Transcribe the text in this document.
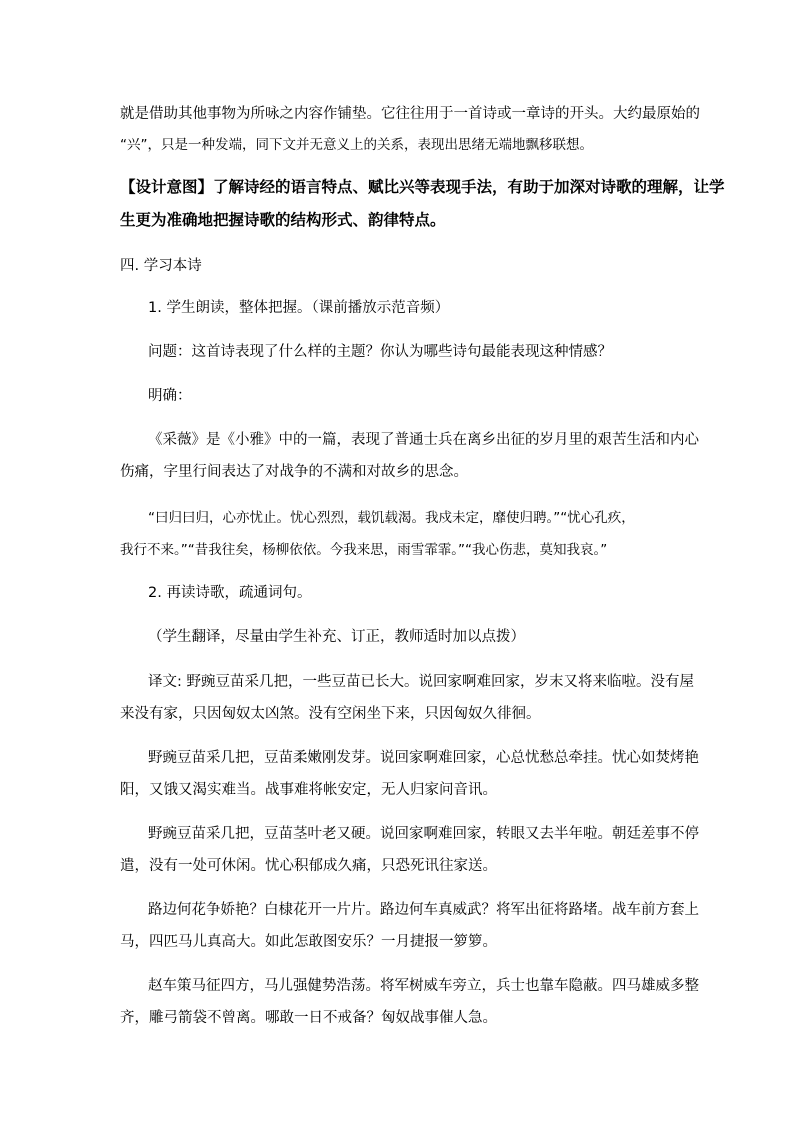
就是借助其他事物为所咏之内容作铺垫。它往往用于一首诗或一章诗的开头。大约最原始的

“兴”，只是一种发端，同下文并无意义上的关系，表现出思绪无端地飘移联想。

【设计意图】了解诗经的语言特点、赋比兴等表现手法，有助于加深对诗歌的理解，让学

生更为准确地把握诗歌的结构形式、韵律特点。

四. 学习本诗

1. 学生朗读，整体把握。（课前播放示范音频）

问题：这首诗表现了什么样的主题？你认为哪些诗句最能表现这种情感？

明确：

《采薇》是《小雅》中的一篇，表现了普通士兵在离乡出征的岁月里的艰苦生活和内心

伤痛，字里行间表达了对战争的不满和对故乡的思念。

“曰归曰归，心亦忧止。忧心烈烈，载饥载渴。我戍未定，靡使归聘。”“忧心孔疚，

我行不来。”“昔我往矣，杨柳依依。今我来思，雨雪霏霏。”“我心伤悲，莫知我哀。”

2. 再读诗歌，疏通词句。

（学生翻译，尽量由学生补充、订正，教师适时加以点拨）

译文: 野豌豆苗采几把，一些豆苗已长大。说回家啊难回家，岁末又将来临啦。没有屋

来没有家，只因匈奴太凶煞。没有空闲坐下来，只因匈奴久徘徊。

野豌豆苗采几把，豆苗柔嫩刚发芽。说回家啊难回家，心总忧愁总牵挂。忧心如焚烤艳

阳，又饿又渴实难当。战事难将帐安定，无人归家问音讯。

野豌豆苗采几把，豆苗茎叶老又硬。说回家啊难回家，转眼又去半年啦。朝廷差事不停

遣，没有一处可休闲。忧心积郁成久痛，只恐死讯往家送。

路边何花争娇艳？白棣花开一片片。路边何车真威武？将军出征将路堵。战车前方套上

马，四匹马儿真高大。如此怎敢图安乐？一月捷报一箩箩。

赵车策马征四方，马儿强健势浩荡。将军树威车旁立，兵士也靠车隐蔽。四马雄威多整

齐，雕弓箭袋不曾离。哪敢一日不戒备？匈奴战事催人急。
